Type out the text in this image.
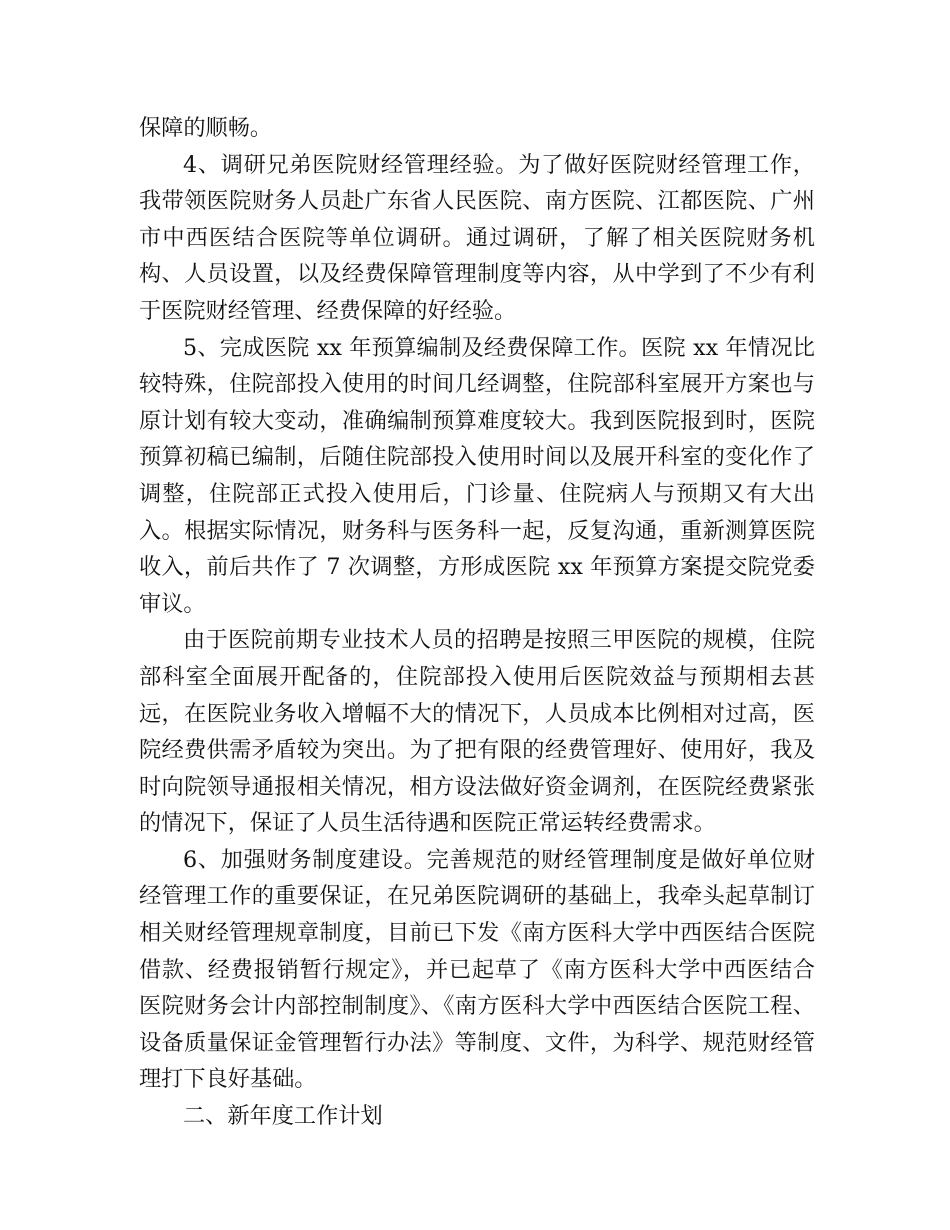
保障的顺畅。

4、调研兄弟医院财经管理经验。为了做好医院财经管理工作，我带领医院财务人员赴广东省人民医院、南方医院、江都医院、广州市中西医结合医院等单位调研。通过调研，了解了相关医院财务机构、人员设置，以及经费保障管理制度等内容，从中学到了不少有利于医院财经管理、经费保障的好经验。

5、完成医院 xx 年预算编制及经费保障工作。医院 xx 年情况比较特殊，住院部投入使用的时间几经调整，住院部科室展开方案也与原计划有较大变动，准确编制预算难度较大。我到医院报到时，医院预算初稿已编制，后随住院部投入使用时间以及展开科室的变化作了调整，住院部正式投入使用后，门诊量、住院病人与预期又有大出入。根据实际情况，财务科与医务科一起，反复沟通，重新测算医院收入，前后共作了 7 次调整，方形成医院 xx 年预算方案提交院党委审议。

由于医院前期专业技术人员的招聘是按照三甲医院的规模，住院部科室全面展开配备的，住院部投入使用后医院效益与预期相去甚远，在医院业务收入增幅不大的情况下，人员成本比例相对过高，医院经费供需矛盾较为突出。为了把有限的经费管理好、使用好，我及时向院领导通报相关情况，相方设法做好资金调剂，在医院经费紧张的情况下，保证了人员生活待遇和医院正常运转经费需求。

6、加强财务制度建设。完善规范的财经管理制度是做好单位财经管理工作的重要保证，在兄弟医院调研的基础上，我牵头起草制订相关财经管理规章制度，目前已下发《南方医科大学中西医结合医院借款、经费报销暂行规定》，并已起草了《南方医科大学中西医结合医院财务会计内部控制制度》、《南方医科大学中西医结合医院工程、设备质量保证金管理暂行办法》等制度、文件，为科学、规范财经管理打下良好基础。

二、新年度工作计划
